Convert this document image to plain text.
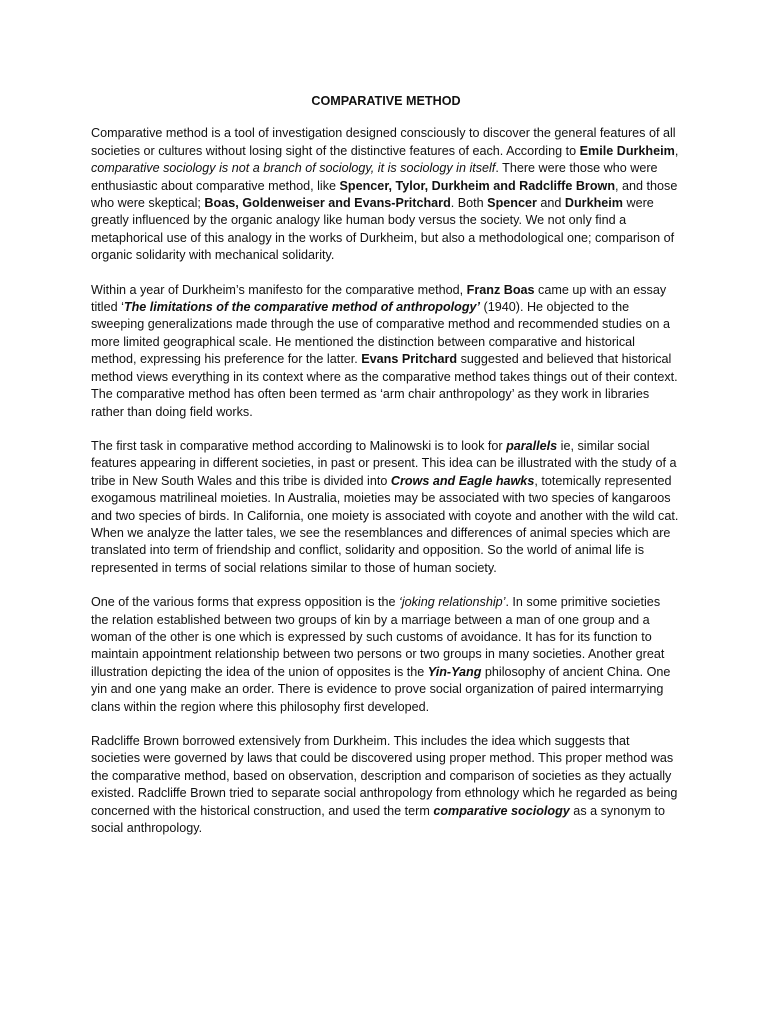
COMPARATIVE METHOD

Comparative method is a tool of investigation designed consciously to discover the general features of all societies or cultures without losing sight of the distinctive features of each. According to Emile Durkheim, comparative sociology is not a branch of sociology, it is sociology in itself. There were those who were enthusiastic about comparative method, like Spencer, Tylor, Durkheim and Radcliffe Brown, and those who were skeptical; Boas, Goldenweiser and Evans-Pritchard. Both Spencer and Durkheim were greatly influenced by the organic analogy like human body versus the society. We not only find a metaphorical use of this analogy in the works of Durkheim, but also a methodological one; comparison of organic solidarity with mechanical solidarity.

Within a year of Durkheim’s manifesto for the comparative method, Franz Boas came up with an essay titled ‘The limitations of the comparative method of anthropology’ (1940). He objected to the sweeping generalizations made through the use of comparative method and recommended studies on a more limited geographical scale. He mentioned the distinction between comparative and historical method, expressing his preference for the latter. Evans Pritchard suggested and believed that historical method views everything in its context where as the comparative method takes things out of their context. The comparative method has often been termed as ‘arm chair anthropology’ as they work in libraries rather than doing field works.

The first task in comparative method according to Malinowski is to look for parallels ie, similar social features appearing in different societies, in past or present. This idea can be illustrated with the study of a tribe in New South Wales and this tribe is divided into Crows and Eagle hawks, totemically represented exogamous matrilineal moieties. In Australia, moieties may be associated with two species of kangaroos and two species of birds. In California, one moiety is associated with coyote and another with the wild cat. When we analyze the latter tales, we see the resemblances and differences of animal species which are translated into term of friendship and conflict, solidarity and opposition. So the world of animal life is represented in terms of social relations similar to those of human society.

One of the various forms that express opposition is the ‘joking relationship’. In some primitive societies the relation established between two groups of kin by a marriage between a man of one group and a woman of the other is one which is expressed by such customs of avoidance. It has for its function to maintain appointment relationship between two persons or two groups in many societies. Another great illustration depicting the idea of the union of opposites is the Yin-Yang philosophy of ancient China. One yin and one yang make an order. There is evidence to prove social organization of paired intermarrying clans within the region where this philosophy first developed.

Radcliffe Brown borrowed extensively from Durkheim. This includes the idea which suggests that societies were governed by laws that could be discovered using proper method. This proper method was the comparative method, based on observation, description and comparison of societies as they actually existed. Radcliffe Brown tried to separate social anthropology from ethnology which he regarded as being concerned with the historical construction, and used the term comparative sociology as a synonym to social anthropology.
